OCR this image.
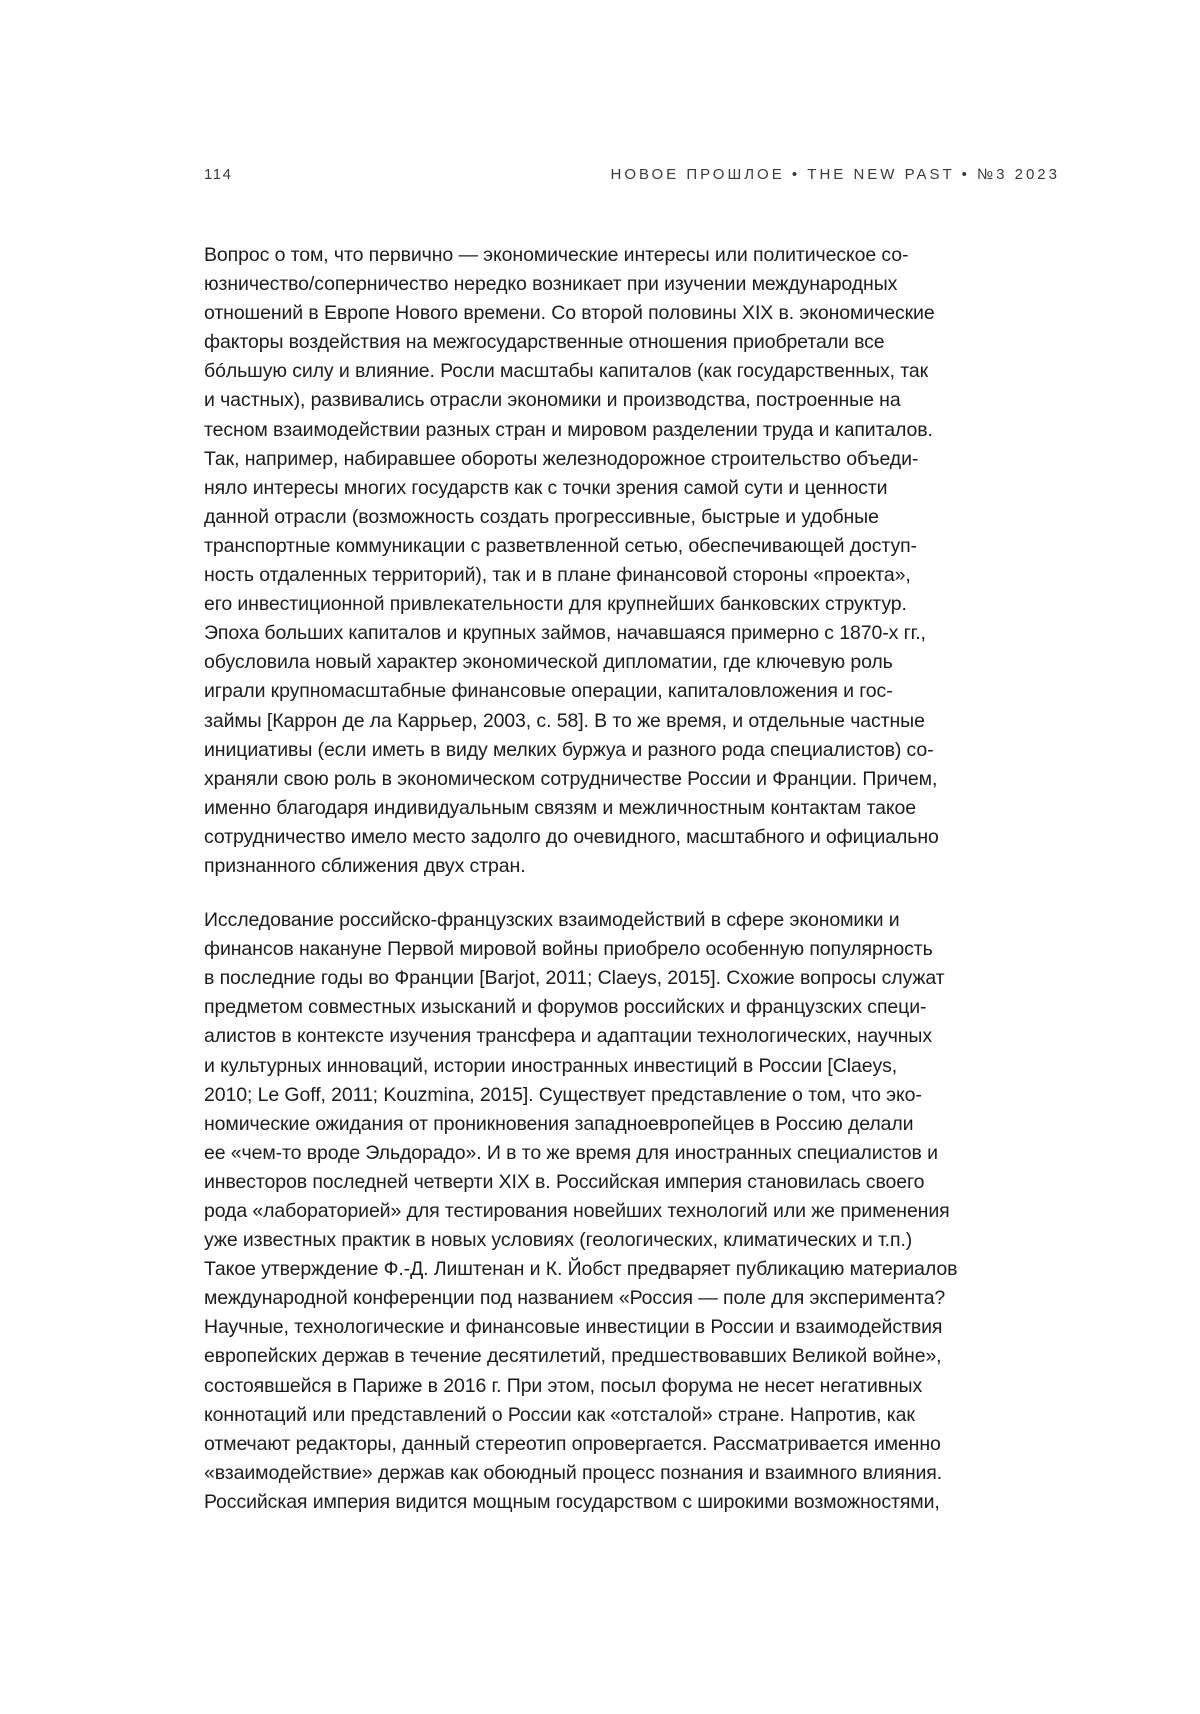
114	НОВОЕ ПРОШЛОЕ • THE NEW PAST • №3 2023

Вопрос о том, что первично — экономические интересы или политическое со-
юзничество/соперничество нередко возникает при изучении международных
отношений в Европе Нового времени. Со второй половины XIX в. экономические
факторы воздействия на межгосударственные отношения приобретали все
бóльшую силу и влияние. Росли масштабы капиталов (как государственных, так
и частных), развивались отрасли экономики и производства, построенные на
тесном взаимодействии разных стран и мировом разделении труда и капиталов.
Так, например, набиравшее обороты железнодорожное строительство объеди-
няло интересы многих государств как с точки зрения самой сути и ценности
данной отрасли (возможность создать прогрессивные, быстрые и удобные
транспортные коммуникации с разветвленной сетью, обеспечивающей доступ-
ность отдаленных территорий), так и в плане финансовой стороны «проекта»,
его инвестиционной привлекательности для крупнейших банковских структур.
Эпоха больших капиталов и крупных займов, начавшаяся примерно с 1870-х гг.,
обусловила новый характер экономической дипломатии, где ключевую роль
играли крупномасштабные финансовые операции, капиталовложения и гос-
займы [Каррон де ла Каррьер, 2003, с. 58]. В то же время, и отдельные частные
инициативы (если иметь в виду мелких буржуа и разного рода специалистов) со-
храняли свою роль в экономическом сотрудничестве России и Франции. Причем,
именно благодаря индивидуальным связям и межличностным контактам такое
сотрудничество имело место задолго до очевидного, масштабного и официально
признанного сближения двух стран.

Исследование российско-французских взаимодействий в сфере экономики и
финансов накануне Первой мировой войны приобрело особенную популярность
в последние годы во Франции [Barjot, 2011; Claeys, 2015]. Схожие вопросы служат
предметом совместных изысканий и форумов российских и французских специ-
алистов в контексте изучения трансфера и адаптации технологических, научных
и культурных инноваций, истории иностранных инвестиций в России [Claeys,
2010; Le Goff, 2011; Kouzmina, 2015]. Существует представление о том, что эко-
номические ожидания от проникновения западноевропейцев в Россию делали
ее «чем-то вроде Эльдорадо». И в то же время для иностранных специалистов и
инвесторов последней четверти XIX в. Российская империя становилась своего
рода «лабораторией» для тестирования новейших технологий или же применения
уже известных практик в новых условиях (геологических, климатических и т.п.)
Такое утверждение Ф.-Д. Лиштенан и К. Йобст предваряет публикацию материалов
международной конференции под названием «Россия — поле для эксперимента?
Научные, технологические и финансовые инвестиции в России и взаимодействия
европейских держав в течение десятилетий, предшествовавших Великой войне»,
состоявшейся в Париже в 2016 г. При этом, посыл форума не несет негативных
коннотаций или представлений о России как «отсталой» стране. Напротив, как
отмечают редакторы, данный стереотип опровергается. Рассматривается именно
«взаимодействие» держав как обоюдный процесс познания и взаимного влияния.
Российская империя видится мощным государством с широкими возможностями,
